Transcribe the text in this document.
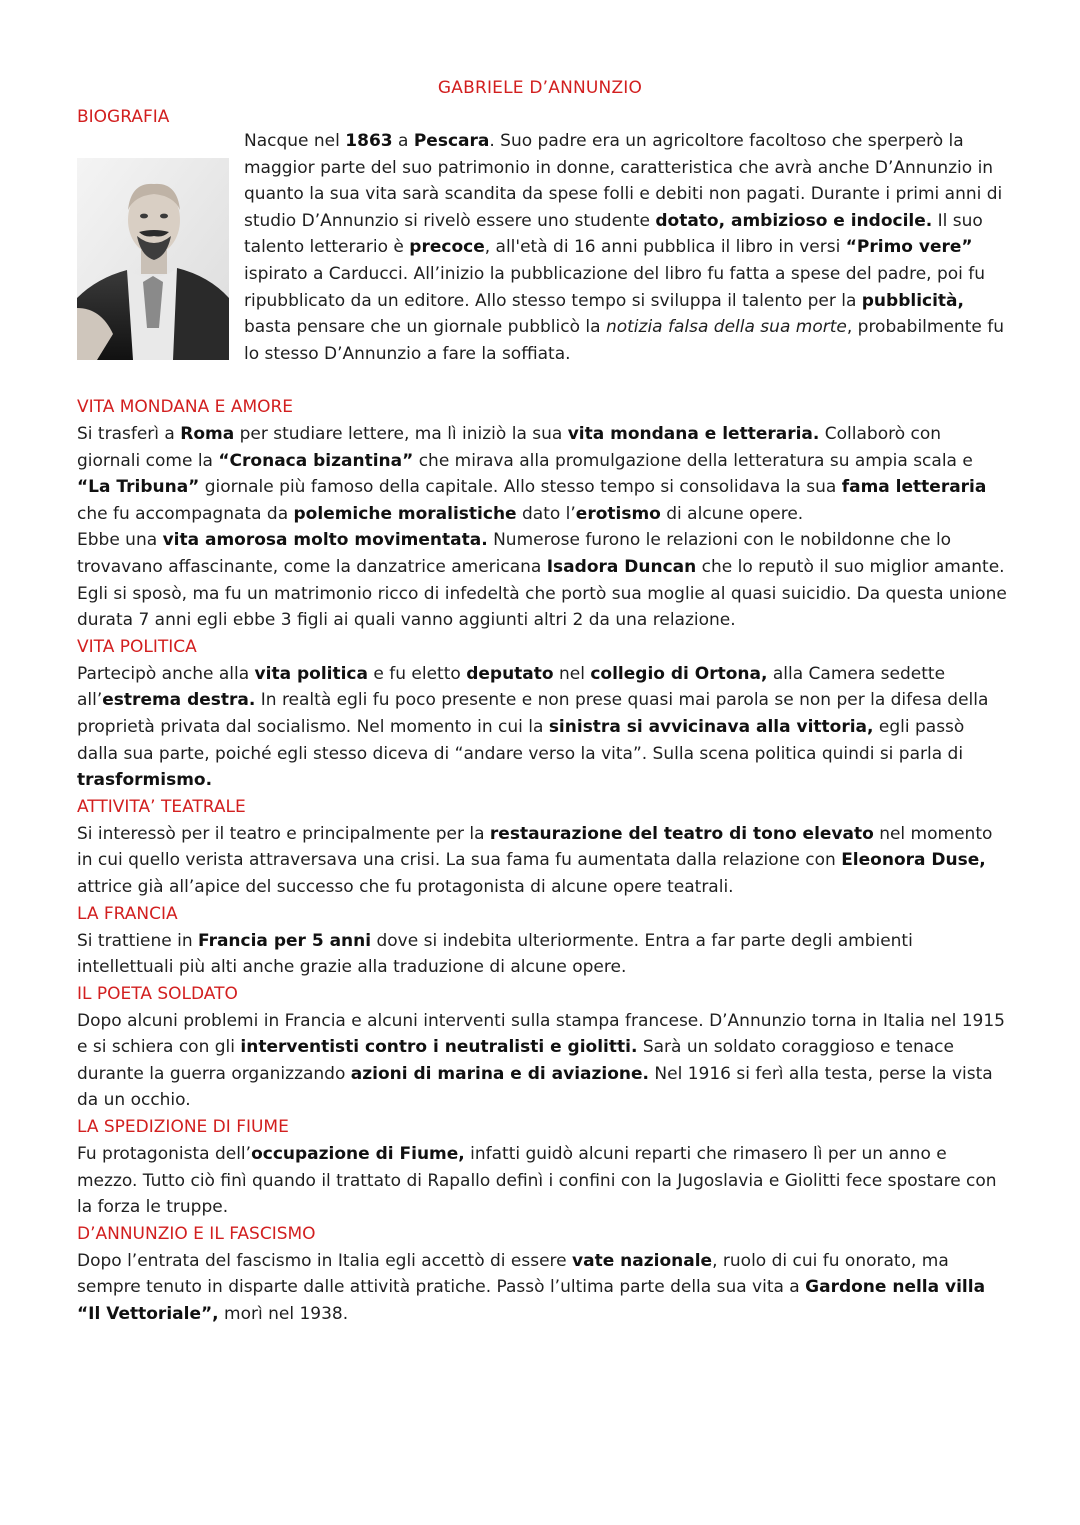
GABRIELE D’ANNUNZIO
BIOGRAFIA

Nacque nel 1863 a Pescara. Suo padre era un agricoltore facoltoso che sperperò la maggior parte del suo patrimonio in donne, caratteristica che avrà anche D’Annunzio in quanto la sua vita sarà scandita da spese folli e debiti non pagati. Durante i primi anni di studio D’Annunzio si rivelò essere uno studente dotato, ambizioso e indocile. Il suo talento letterario è precoce, all'età di 16 anni pubblica il libro in versi “Primo vere” ispirato a Carducci. All’inizio la pubblicazione del libro fu fatta a spese del padre, poi fu ripubblicato da un editore. Allo stesso tempo si sviluppa il talento per la pubblicità, basta pensare che un giornale pubblicò la notizia falsa della sua morte, probabilmente fu lo stesso D’Annunzio a fare la soffiata.

VITA MONDANA E AMORE

Si trasferì a Roma per studiare lettere, ma lì iniziò la sua vita mondana e letteraria. Collaborò con giornali come la “Cronaca bizantina” che mirava alla promulgazione della letteratura su ampia scala e “La Tribuna” giornale più famoso della capitale. Allo stesso tempo si consolidava la sua fama letteraria che fu accompagnata da polemiche moralistiche dato l’erotismo di alcune opere.
Ebbe una vita amorosa molto movimentata. Numerose furono le relazioni con le nobildonne che lo trovavano affascinante, come la danzatrice americana Isadora Duncan che lo reputò il suo miglior amante. Egli si sposò, ma fu un matrimonio ricco di infedeltà che portò sua moglie al quasi suicidio. Da questa unione durata 7 anni egli ebbe 3 figli ai quali vanno aggiunti altri 2 da una relazione.

VITA POLITICA

Partecipò anche alla vita politica e fu eletto deputato nel collegio di Ortona, alla Camera sedette all’estrema destra. In realtà egli fu poco presente e non prese quasi mai parola se non per la difesa della proprietà privata dal socialismo. Nel momento in cui la sinistra si avvicinava alla vittoria, egli passò dalla sua parte, poiché egli stesso diceva di “andare verso la vita”. Sulla scena politica quindi si parla di trasformismo.

ATTIVITA’ TEATRALE

Si interessò per il teatro e principalmente per la restaurazione del teatro di tono elevato nel momento in cui quello verista attraversava una crisi. La sua fama fu aumentata dalla relazione con Eleonora Duse, attrice già all’apice del successo che fu protagonista di alcune opere teatrali.

LA FRANCIA

Si trattiene in Francia per 5 anni dove si indebita ulteriormente. Entra a far parte degli ambienti intellettuali più alti anche grazie alla traduzione di alcune opere.

IL POETA SOLDATO

Dopo alcuni problemi in Francia e alcuni interventi sulla stampa francese. D’Annunzio torna in Italia nel 1915 e si schiera con gli interventisti contro i neutralisti e giolitti. Sarà un soldato coraggioso e tenace durante la guerra organizzando azioni di marina e di aviazione. Nel 1916 si ferì alla testa, perse la vista da un occhio.

LA SPEDIZIONE DI FIUME

Fu protagonista dell’occupazione di Fiume, infatti guidò alcuni reparti che rimasero lì per un anno e mezzo. Tutto ciò finì quando il trattato di Rapallo definì i confini con la Jugoslavia e Giolitti fece spostare con la forza le truppe.

D’ANNUNZIO E IL FASCISMO

Dopo l’entrata del fascismo in Italia egli accettò di essere vate nazionale, ruolo di cui fu onorato, ma sempre tenuto in disparte dalle attività pratiche. Passò l’ultima parte della sua vita a Gardone nella villa “Il Vettoriale”, morì nel 1938.
